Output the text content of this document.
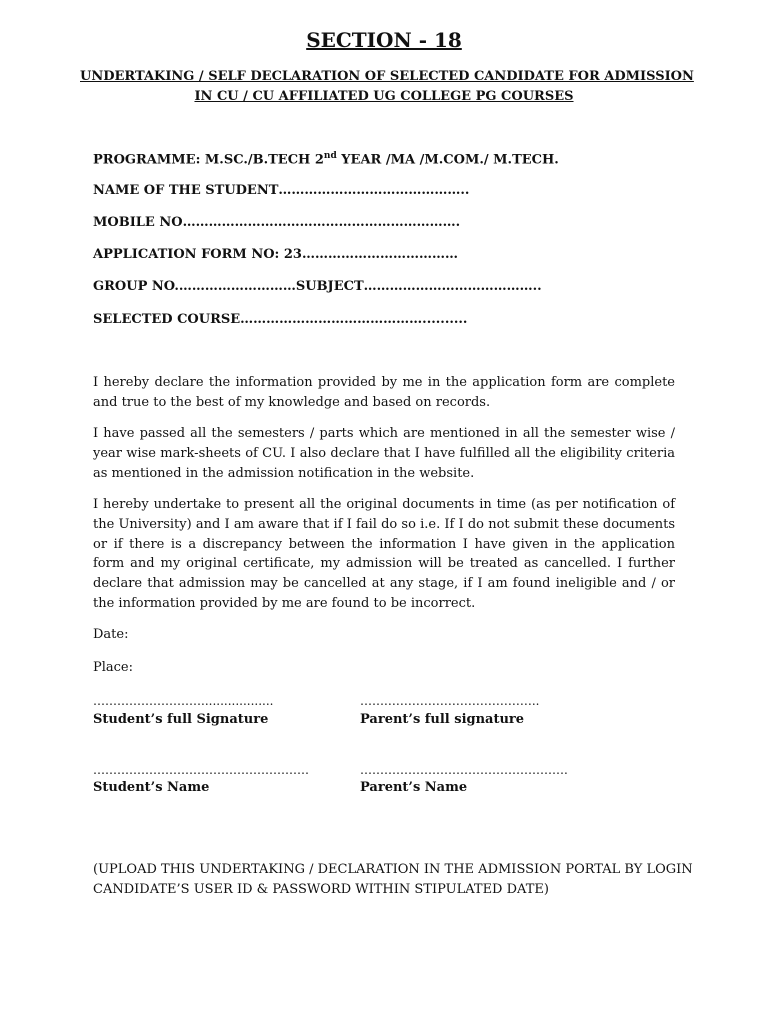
SECTION - 18
UNDERTAKING / SELF DECLARATION OF SELECTED CANDIDATE FOR ADMISSION
IN CU / CU AFFILIATED UG COLLEGE PG COURSES
PROGRAMME: M.SC./B.TECH 2nd YEAR /MA /M.COM./ M.TECH.
NAME OF THE STUDENT……………………………………..
MOBILE NO……………………………………………………….
APPLICATION FORM NO: 23………………………………
GROUP NO.………………………SUBJECT…………………………………..
SELECTED COURSE……………………………………..........

I hereby declare the information provided by me in the application form are complete and true to the best of my knowledge and based on records.

I have passed all the semesters / parts which are mentioned in all the semester wise / year wise mark-sheets of CU. I also declare that I have fulfilled all the eligibility criteria as mentioned in the admission notification in the website.

I hereby undertake to present all the original documents in time (as per notification of the University) and I am aware that if I fail do so i.e. If I do not submit these documents or if there is a discrepancy between the information I have given in the application form and my original certificate, my admission will be treated as cancelled. I further declare that admission may be cancelled at any stage, if I am found ineligible and / or the information provided by me are found to be incorrect.

Date:
Place:
………………………...................
Student’s full Signature
…….………………………………..
Parent’s full signature
………………………………………………
Student’s Name
…………………………………………….
Parent’s Name
(UPLOAD THIS UNDERTAKING / DECLARATION IN THE ADMISSION PORTAL BY LOGIN CANDIDATE’S USER ID & PASSWORD WITHIN STIPULATED DATE)
